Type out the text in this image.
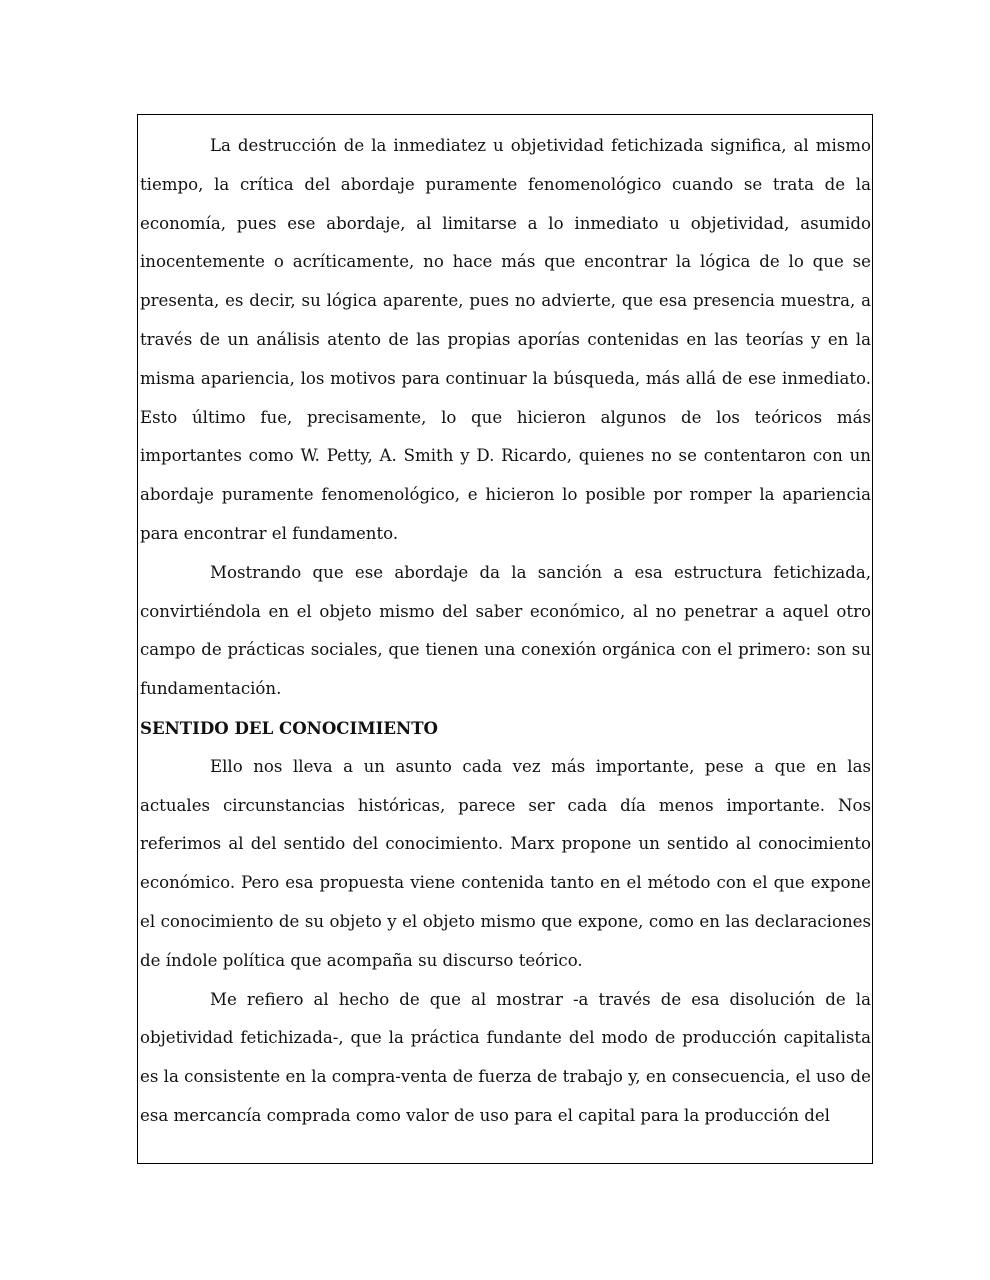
La destrucción de la inmediatez u objetividad fetichizada significa, al mismo tiempo, la crítica del abordaje puramente fenomenológico cuando se trata de la economía, pues ese abordaje, al limitarse a lo inmediato u objetividad, asumido inocentemente o acríticamente, no hace más que encontrar la lógica de lo que se presenta, es decir, su lógica aparente, pues no advierte, que esa presencia muestra, a través de un análisis atento de las propias aporías contenidas en las teorías y en la misma apariencia, los motivos para continuar la búsqueda, más allá de ese inmediato. Esto último fue, precisamente, lo que hicieron algunos de los teóricos más importantes como W. Petty, A. Smith y D. Ricardo, quienes no se contentaron con un abordaje puramente fenomenológico, e hicieron lo posible por romper la apariencia para encontrar el fundamento.

Mostrando que ese abordaje da la sanción a esa estructura fetichizada, convirtiéndola en el objeto mismo del saber económico, al no penetrar a aquel otro campo de prácticas sociales, que tienen una conexión orgánica con el primero: son su fundamentación.

SENTIDO DEL CONOCIMIENTO

Ello nos lleva a un asunto cada vez más importante, pese a que en las actuales circunstancias históricas, parece ser cada día menos importante. Nos referimos al del sentido del conocimiento. Marx propone un sentido al conocimiento económico. Pero esa propuesta viene contenida tanto en el método con el que expone el conocimiento de su objeto y el objeto mismo que expone, como en las declaraciones de índole política que acompaña su discurso teórico.

Me refiero al hecho de que al mostrar -a través de esa disolución de la objetividad fetichizada-, que la práctica fundante del modo de producción capitalista es la consistente en la compra-venta de fuerza de trabajo y, en consecuencia, el uso de esa mercancía comprada como valor de uso para el capital para la producción del
